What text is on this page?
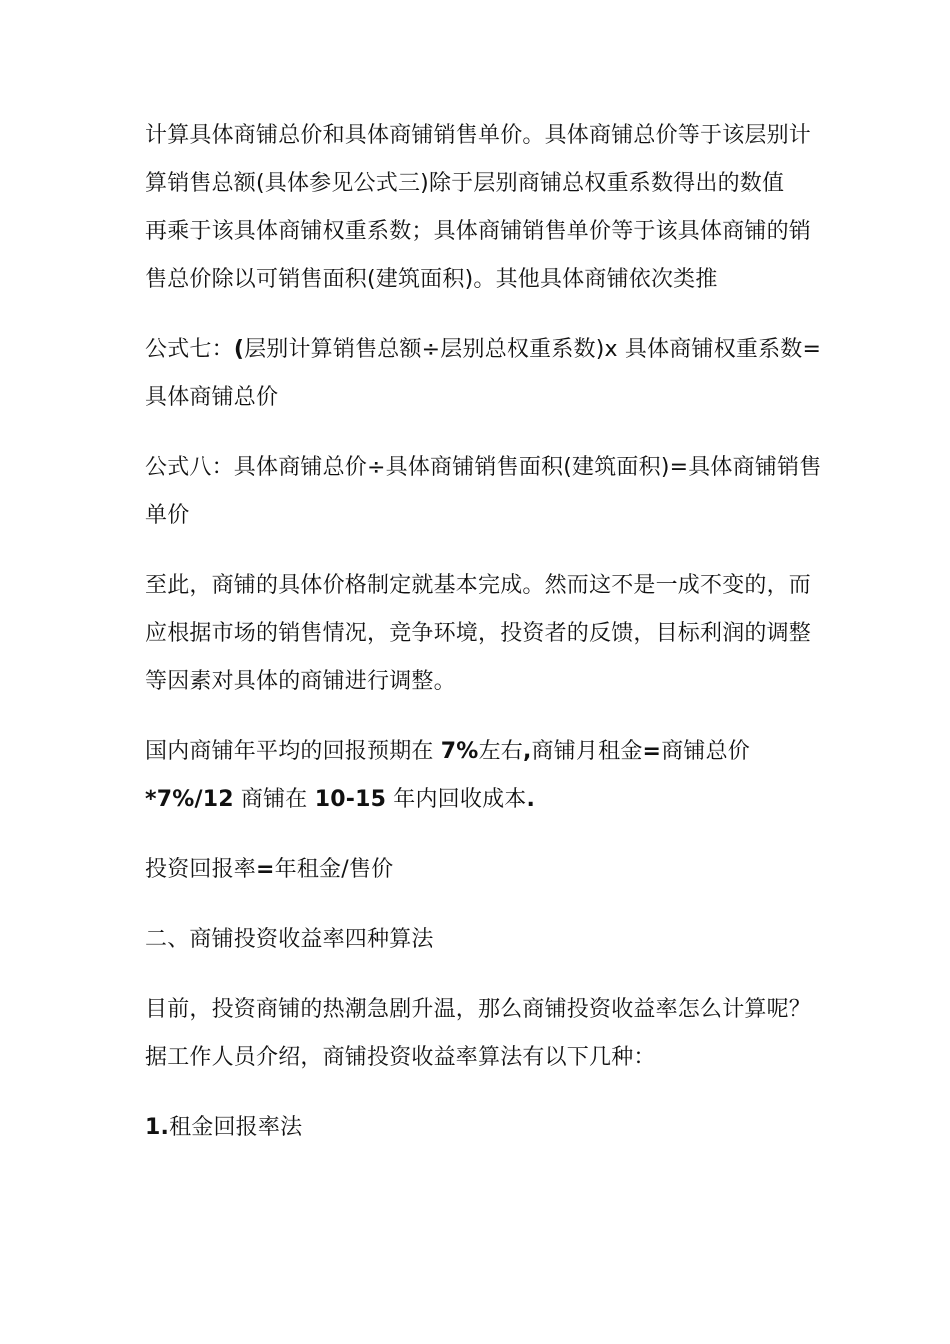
计算具体商铺总价和具体商铺销售单价。具体商铺总价等于该层别计
算销售总额(具体参见公式三)除于层别商铺总权重系数得出的数值
再乘于该具体商铺权重系数；具体商铺销售单价等于该具体商铺的销
售总价除以可销售面积(建筑面积)。其他具体商铺依次类推

公式七：(层别计算销售总额÷层别总权重系数)x 具体商铺权重系数=
具体商铺总价

公式八：具体商铺总价÷具体商铺销售面积(建筑面积)=具体商铺销售
单价

至此，商铺的具体价格制定就基本完成。然而这不是一成不变的，而
应根据市场的销售情况，竞争环境，投资者的反馈，目标利润的调整
等因素对具体的商铺进行调整。

国内商铺年平均的回报预期在 7%左右,商铺月租金=商铺总价
*7%/12 商铺在 10-15 年内回收成本.

投资回报率=年租金/售价

二、商铺投资收益率四种算法

目前，投资商铺的热潮急剧升温，那么商铺投资收益率怎么计算呢？
据工作人员介绍，商铺投资收益率算法有以下几种：

1.租金回报率法
